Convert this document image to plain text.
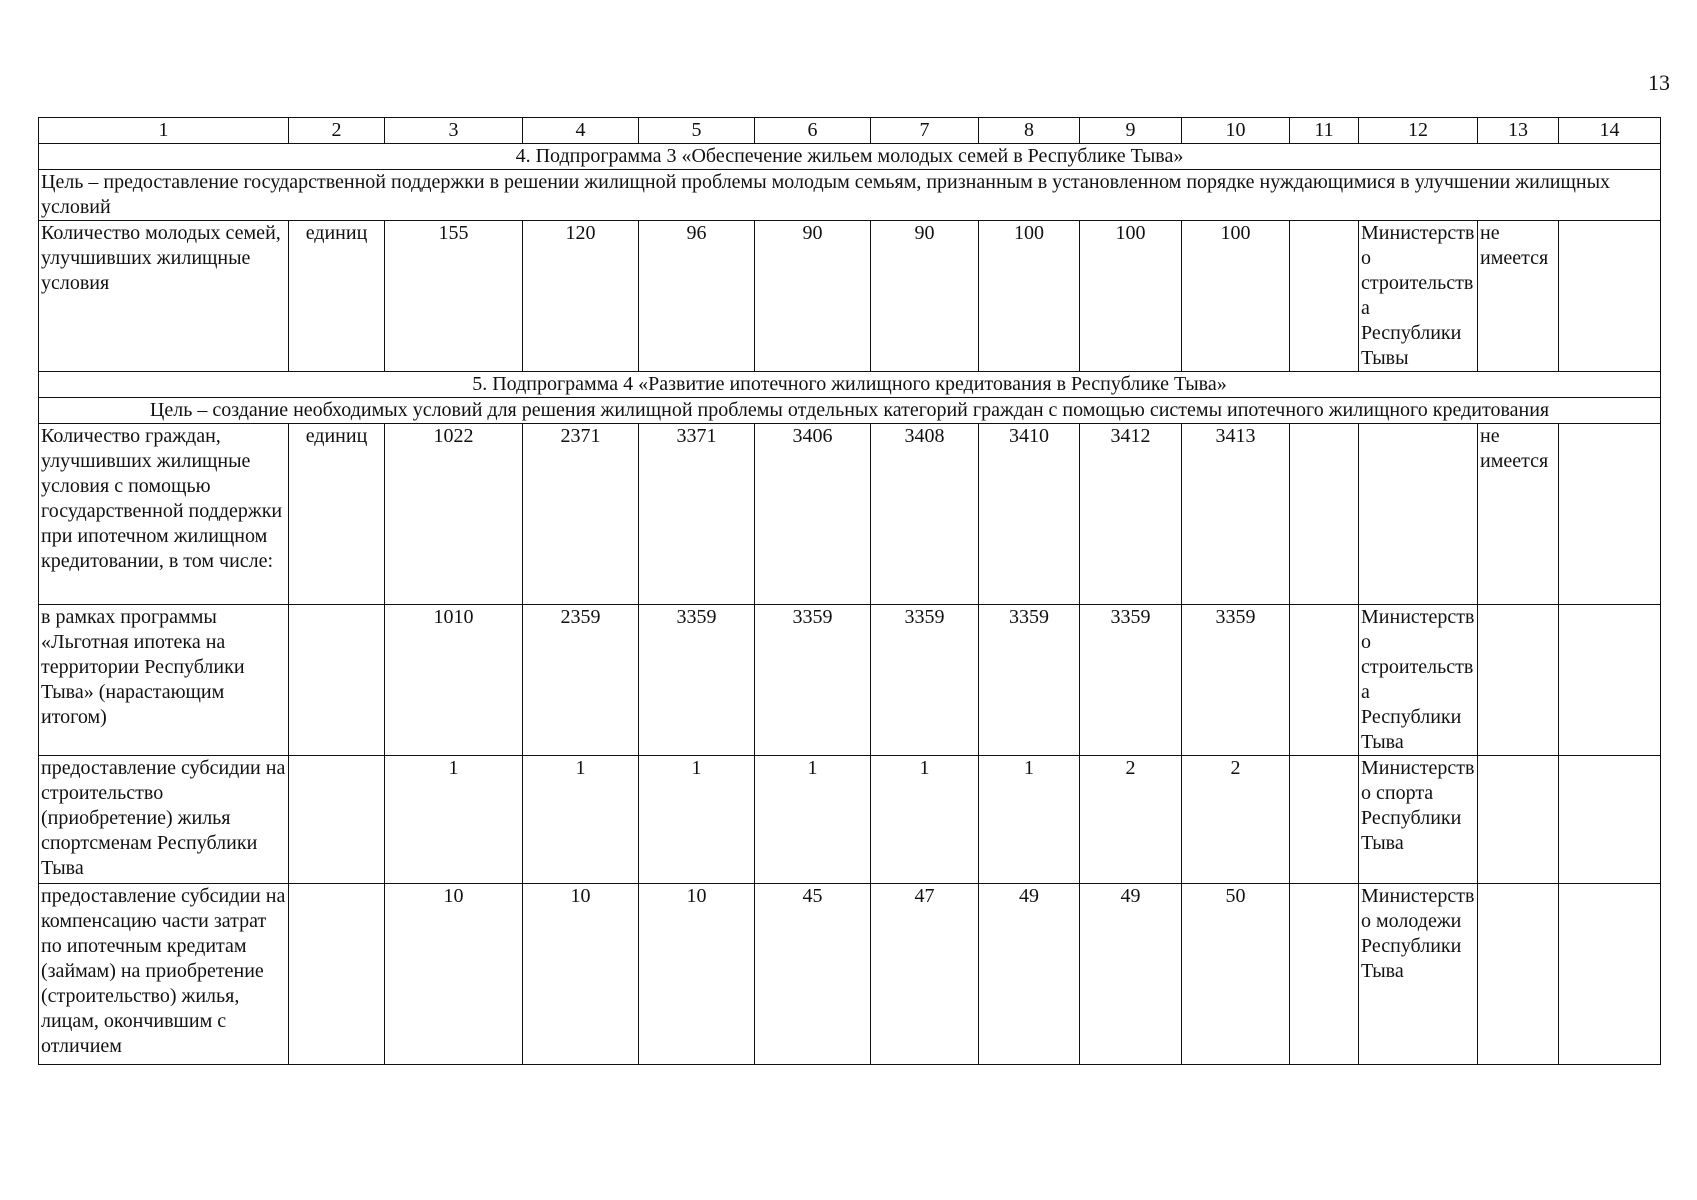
13
1	2	3	4	5	6	7	8	9	10	11	12	13	14
4. Подпрограмма 3 «Обеспечение жильем молодых семей в Республике Тыва»													
Цель – предоставление государственной поддержки в решении жилищной проблемы молодым семьям, признанным в установленном порядке нуждающимися в улучшении жилищных условий													
Количество молодых семей, улучшивших жилищные условия	единиц	155	120	96	90	90	100	100	100		Министерство строительства Республики Тывы	не имеется	
5. Подпрограмма 4 «Развитие ипотечного жилищного кредитования в Республике Тыва»													
Цель – создание необходимых условий для решения жилищной проблемы отдельных категорий граждан с помощью системы ипотечного жилищного кредитования													
Количество граждан, улучшивших жилищные условия с помощью государственной поддержки при ипотечном жилищном кредитовании, в том числе:	единиц	1022	2371	3371	3406	3408	3410	3412	3413			не имеется	
в рамках программы «Льготная ипотека на территории Республики Тыва» (нарастающим итогом)		1010	2359	3359	3359	3359	3359	3359	3359		Министерство строительства Республики Тыва		
предоставление субсидии на строительство (приобретение) жилья спортсменам Республики Тыва		1	1	1	1	1	1	2	2		Министерство спорта Республики Тыва		
предоставление субсидии на компенсацию части затрат по ипотечным кредитам (займам) на приобретение (строительство) жилья, лицам, окончившим с отличием		10	10	10	45	47	49	49	50		Министерство молодежи Республики Тыва		
